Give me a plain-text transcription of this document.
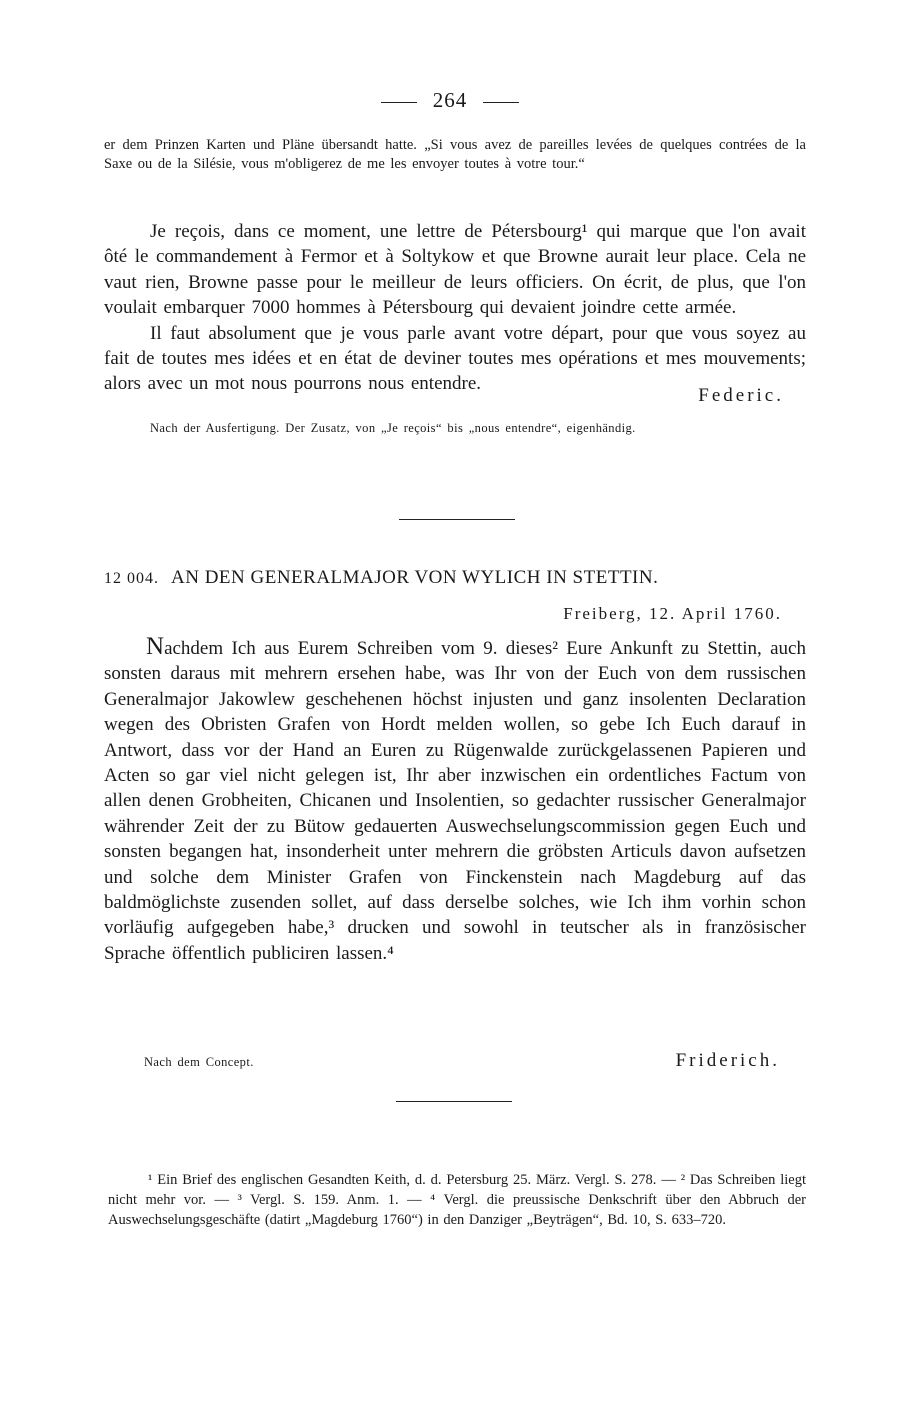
264

er dem Prinzen Karten und Pläne übersandt hatte. „Si vous avez de pareilles levées de quelques contrées de la Saxe ou de la Silésie, vous m'obligerez de me les envoyer toutes à votre tour.“

Je reçois, dans ce moment, une lettre de Pétersbourg¹ qui marque que l'on avait ôté le commandement à Fermor et à Soltykow et que Browne aurait leur place. Cela ne vaut rien, Browne passe pour le meilleur de leurs officiers. On écrit, de plus, que l'on voulait embarquer 7000 hommes à Pétersbourg qui devaient joindre cette armée.

Il faut absolument que je vous parle avant votre départ, pour que vous soyez au fait de toutes mes idées et en état de deviner toutes mes opérations et mes mouvements; alors avec un mot nous pourrons nous entendre.

Federic.
Nach der Ausfertigung. Der Zusatz, von „Je reçois“ bis „nous entendre“, eigenhändig.
12 004. AN DEN GENERALMAJOR VON WYLICH IN STETTIN.
Freiberg, 12. April 1760.

Nachdem Ich aus Eurem Schreiben vom 9. dieses² Eure Ankunft zu Stettin, auch sonsten daraus mit mehrern ersehen habe, was Ihr von der Euch von dem russischen Generalmajor Jakowlew geschehenen höchst injusten und ganz insolenten Declaration wegen des Obristen Grafen von Hordt melden wollen, so gebe Ich Euch darauf in Antwort, dass vor der Hand an Euren zu Rügenwalde zurückgelassenen Papieren und Acten so gar viel nicht gelegen ist, Ihr aber inzwischen ein ordentliches Factum von allen denen Grobheiten, Chicanen und Insolentien, so gedachter russischer Generalmajor währender Zeit der zu Bütow gedauerten Auswechselungscommission gegen Euch und sonsten begangen hat, insonderheit unter mehrern die gröbsten Articuls davon aufsetzen und solche dem Minister Grafen von Finckenstein nach Magdeburg auf das baldmöglichste zusenden sollet, auf dass derselbe solches, wie Ich ihm vorhin schon vorläufig aufgegeben habe,³ drucken und sowohl in teutscher als in französischer Sprache öffentlich publiciren lassen.⁴

Nach dem Concept.	Friderich.

¹ Ein Brief des englischen Gesandten Keith, d. d. Petersburg 25. März. Vergl. S. 278. — ² Das Schreiben liegt nicht mehr vor. — ³ Vergl. S. 159. Anm. 1. — ⁴ Vergl. die preussische Denkschrift über den Abbruch der Auswechselungsgeschäfte (datirt „Magdeburg 1760“) in den Danziger „Beyträgen“, Bd. 10, S. 633–720.
